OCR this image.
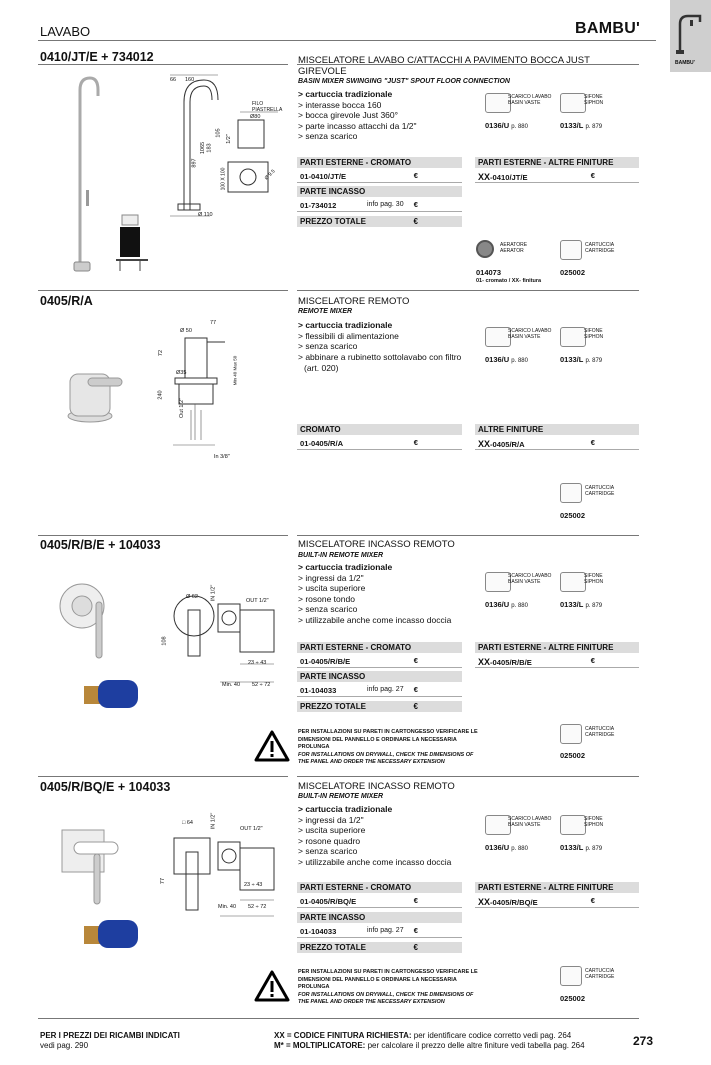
LAVABO	BAMBU'
BAMBU'
0410/JT/E + 734012
160
66
897
1065 183
105
Ø80
FILO PIASTRELLA
Ø 110
1/2"
100 X 100	Ø 9.5
MISCELATORE LAVABO C/ATTACCHI A PAVIMENTO BOCCA JUST GIREVOLE
BASIN MIXER SWINGING "JUST" SPOUT FLOOR CONNECTION
> cartuccia tradizionale
> interasse bocca 160
> bocca girevole Just 360°
> parte incasso attacchi da 1/2"
> senza scarico
SCARICO LAVABO
BASIN VASTE
0136/U p. 880
SIFONE
SIPHON
0133/L p. 879
PARTI ESTERNE - CROMATO	PARTI ESTERNE - ALTRE FINITURE
01-0410/JT/E	€	XX-0410/JT/E	€
PARTE INCASSO
01-734012	info pag. 30 €
PREZZO TOTALE	€
AERATORE
AERATOR
014073
01- cromato / XX- finitura
CARTUCCIA
CARTRIDGE
025002
0405/R/A
77
Ø 50
72
Ø35
240
Out 1/2"
Min 40 Max 50
In 3/8"
MISCELATORE REMOTO
REMOTE MIXER
> cartuccia tradizionale
> flessibili di alimentazione
> senza scarico
> abbinare a rubinetto sottolavabo con filtro
(art. 020)
SCARICO LAVABO
BASIN VASTE
0136/U p. 880
SIFONE
SIPHON
0133/L p. 879
CROMATO	ALTRE FINITURE
01-0405/R/A	€	XX-0405/R/A	€
CARTUCCIA
CARTRIDGE
025002
0405/R/B/E + 104033
Ø 62 IN 1/2"	OUT 1/2"
108
23 ÷ 43
Min. 40 52 ÷ 72
MISCELATORE INCASSO REMOTO
BUILT-IN REMOTE MIXER
> cartuccia tradizionale
> ingressi da 1/2"
> uscita superiore
> rosone tondo
> senza scarico
> utilizzabile anche come incasso doccia
SCARICO LAVABO
BASIN VASTE
0136/U p. 880
SIFONE
SIPHON
0133/L p. 879
PARTI ESTERNE - CROMATO	PARTI ESTERNE - ALTRE FINITURE
01-0405/R/B/E	€	XX-0405/R/B/E	€
PARTE INCASSO
01-104033	info pag. 27 €
PREZZO TOTALE	€
PER INSTALLAZIONI SU PARETI IN CARTONGESSO VERIFICARE LE DIMENSIONI DEL PANNELLO E ORDINARE LA NECESSARIA PROLUNGA
FOR INSTALLATIONS ON DRYWALL, CHECK THE DIMENSIONS OF THE PANEL AND ORDER THE NECESSARY EXTENSION
CARTUCCIA
CARTRIDGE
025002
0405/R/BQ/E + 104033
□ 64	IN 1/2"	OUT 1/2"
77
23 ÷ 43
Min. 40 52 ÷ 72
MISCELATORE INCASSO REMOTO
BUILT-IN REMOTE MIXER
> cartuccia tradizionale
> ingressi da 1/2"
> uscita superiore
> rosone quadro
> senza scarico
> utilizzabile anche come incasso doccia
SCARICO LAVABO
BASIN VASTE
0136/U p. 880
SIFONE
SIPHON
0133/L p. 879
PARTI ESTERNE - CROMATO	PARTI ESTERNE - ALTRE FINITURE
01-0405/R/BQ/E	€	XX-0405/R/BQ/E	€
PARTE INCASSO
01-104033	info pag. 27 €
PREZZO TOTALE	€
PER INSTALLAZIONI SU PARETI IN CARTONGESSO VERIFICARE LE DIMENSIONI DEL PANNELLO E ORDINARE LA NECESSARIA PROLUNGA
FOR INSTALLATIONS ON DRYWALL, CHECK THE DIMENSIONS OF THE PANEL AND ORDER THE NECESSARY EXTENSION
CARTUCCIA
CARTRIDGE
025002
PER I PREZZI DEI RICAMBI INDICATI
vedi pag. 290
XX = CODICE FINITURA RICHIESTA: per identificare codice corretto vedi pag. 264
M* = MOLTIPLICATORE: per calcolare il prezzo delle altre finiture vedi tabella pag. 264	273
